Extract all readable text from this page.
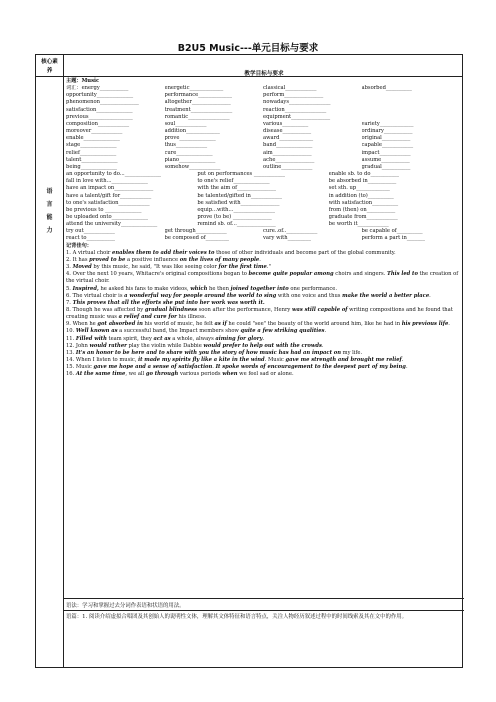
B2U5 Music---单元目标与要求
核心素养
语言能力
教学目标与要求
主题：Music
词汇：energy___________	energetic_____________	classical____________	absorbed__________
opportunity______________	performance_____________	perform_______________
phenomenon_______________	altogether_______________	nowadays________________
satisfaction______________	treatment________________	reaction________________
previous_________________	romantic________________	equipment_______________
composition____________	soul____________	various__________	variety_____________
moreover____________	addition_____________	disease___________	ordinary___________
enable______________	prove______________	award_____________	original___________
stage______________	thus____________	band______________	capable____________
relief______________	cure______________	aim_______________	impact____________
talent______________	piano______________	ache_______________	assume___________
being______________	somehow____________	outline____________	gradual___________
an opportunity to do...______________	put on performances ____________	enable sb. to do___________
fall in love with...______________	to one's relief______________	be absorbed in___________
have an impact on_______________	with the aim of_______________	set sth. up_____________
have a talent/gift for____________	be talented/gifted in____________	in addition (to)__________
to one's satisfaction____________	be satisfied with_______________	with satisfaction__________
be previous to ______________	equip...with...________________	from (then) on___________
be uploaded onto______________	prove (to be) _______________	graduate from____________
attend the university______________	remind sb. of..._______________	be worth it____________
try out____________	get through____________	cure..of..____________	be capable of__________
react to___________	be composed of_________	vary with_________	perform a part in_______
记背佳句：

1. A virtual choir enables them to add their voices to those of other individuals and become part of the global community.

2. It has proved to be a positive influence on the lives of many people.

3. Moved by this music, he said, "It was like seeing color for the first time."

4. Over the next 10 years, Whitacre's original compositions began to become quite popular among choirs and singers. This led to the creation of the virtual choir.

5. Inspired, he asked his fans to make videos, which he then joined together into one performance.

6. The virtual choir is a wonderful way for people around the world to sing with one voice and thus make the world a better place.

7. This proves that all the efforts she put into her work was worth it.

8. Though he was affected by gradual blindness soon after the performance, Henry was still capable of writing compositions and he found that creating music was a relief and cure for his illness.

9. When he got absorbed in his world of music, he felt as if he could "see" the beauty of the world around him, like he had in his previous life.

10. Well known as a successful band, the Impact members show quite a few striking qualities.

11. Filled with team spirit, they act as a whole, always aiming for glory.

12. John would rather play the violin while Dabbie would prefer to help out with the crowds.

13. It's an honor to be here and to share with you the story of how music has had an impact on my life.

14. When I listen to music, it made my spirits fly like a kite in the wind. Music gave me strength and brought me relief.

15. Music gave me hope and a sense of satisfaction. It spoke words of encouragement to the deepest part of my being.

16. At the same time, we all go through various periods when we feel sad or alone.

语法：学习和掌握过去分词作表语和状语的用法。
语篇：1. 阅读介绍虚拟合唱团及其创始人的说明性文体，理解其文体特征和语言特点，关注人物经历叙述过程中的时间线索及其在文中的作用。
